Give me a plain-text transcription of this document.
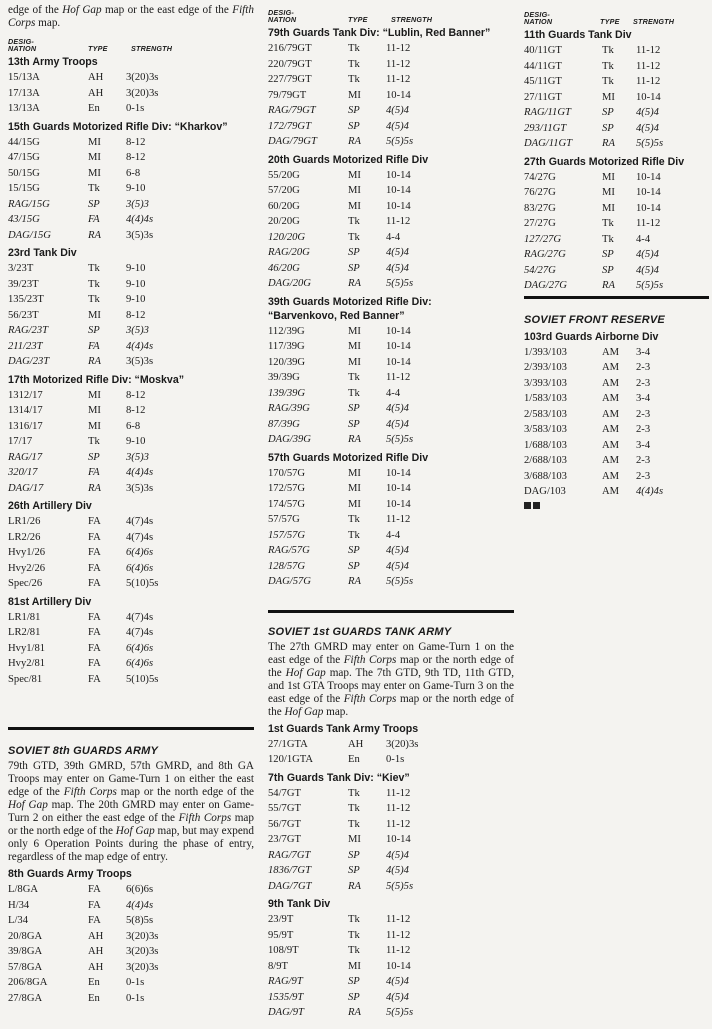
edge of the Hof Gap map or the east edge of the Fifth Corps map.

DESIG-
NATION	TYPE	STRENGTH
13th Army Troops
15/13A	AH	3(20)3s
17/13A	AH	3(20)3s
13/13A	En	0-1s
15th Guards Motorized Rifle Div: “Kharkov”
44/15G	MI	8-12
47/15G	MI	8-12
50/15G	MI	6-8
15/15G	Tk	9-10
RAG/15G	SP	3(5)3
43/15G	FA	4(4)4s
DAG/15G	RA	3(5)3s
23rd Tank Div
3/23T	Tk	9-10
39/23T	Tk	9-10
135/23T	Tk	9-10
56/23T	MI	8-12
RAG/23T	SP	3(5)3
211/23T	FA	4(4)4s
DAG/23T	RA	3(5)3s
17th Motorized Rifle Div: “Moskva”
1312/17	MI	8-12
1314/17	MI	8-12
1316/17	MI	6-8
17/17	Tk	9-10
RAG/17	SP	3(5)3
320/17	FA	4(4)4s
DAG/17	RA	3(5)3s
26th Artillery Div
LR1/26	FA	4(7)4s
LR2/26	FA	4(7)4s
Hvy1/26	FA	6(4)6s
Hvy2/26	FA	6(4)6s
Spec/26	FA	5(10)5s
81st Artillery Div
LR1/81	FA	4(7)4s
LR2/81	FA	4(7)4s
Hvy1/81	FA	6(4)6s
Hvy2/81	FA	6(4)6s
Spec/81	FA	5(10)5s
SOVIET 8th GUARDS ARMY

79th GTD, 39th GMRD, 57th GMRD, and 8th GA Troops may enter on Game-Turn 1 on either the east edge of the Fifth Corps map or the north edge of the Hof Gap map. The 20th GMRD may enter on Game-Turn 2 on either the east edge of the Fifth Corps map or the north edge of the Hof Gap map, but may expend only 6 Operation Points during the phase of entry, regardless of the map edge of entry.

8th Guards Army Troops
L/8GA	FA	6(6)6s
H/34	FA	4(4)4s
L/34	FA	5(8)5s
20/8GA	AH	3(20)3s
39/8GA	AH	3(20)3s
57/8GA	AH	3(20)3s
206/8GA	En	0-1s
27/8GA	En	0-1s
DESIG-
NATION	TYPE	STRENGTH
79th Guards Tank Div: “Lublin, Red Banner”
216/79GT	Tk	11-12
220/79GT	Tk	11-12
227/79GT	Tk	11-12
79/79GT	MI	10-14
RAG/79GT	SP	4(5)4
172/79GT	SP	4(5)4
DAG/79GT	RA	5(5)5s
20th Guards Motorized Rifle Div
55/20G	MI	10-14
57/20G	MI	10-14
60/20G	MI	10-14
20/20G	Tk	11-12
120/20G	Tk	4-4
RAG/20G	SP	4(5)4
46/20G	SP	4(5)4
DAG/20G	RA	5(5)5s
39th Guards Motorized Rifle Div:
“Barvenkovo, Red Banner”
112/39G	MI	10-14
117/39G	MI	10-14
120/39G	MI	10-14
39/39G	Tk	11-12
139/39G	Tk	4-4
RAG/39G	SP	4(5)4
87/39G	SP	4(5)4
DAG/39G	RA	5(5)5s
57th Guards Motorized Rifle Div
170/57G	MI	10-14
172/57G	MI	10-14
174/57G	MI	10-14
57/57G	Tk	11-12
157/57G	Tk	4-4
RAG/57G	SP	4(5)4
128/57G	SP	4(5)4
DAG/57G	RA	5(5)5s
SOVIET 1st GUARDS TANK ARMY

The 27th GMRD may enter on Game-Turn 1 on the east edge of the Fifth Corps map or the north edge of the Hof Gap map. The 7th GTD, 9th TD, 11th GTD, and 1st GTA Troops may enter on Game-Turn 3 on the east edge of the Fifth Corps map or the north edge of the Hof Gap map.

1st Guards Tank Army Troops
27/1GTA	AH	3(20)3s
120/1GTA	En	0-1s
7th Guards Tank Div: “Kiev”
54/7GT	Tk	11-12
55/7GT	Tk	11-12
56/7GT	Tk	11-12
23/7GT	MI	10-14
RAG/7GT	SP	4(5)4
1836/7GT	SP	4(5)4
DAG/7GT	RA	5(5)5s
9th Tank Div
23/9T	Tk	11-12
95/9T	Tk	11-12
108/9T	Tk	11-12
8/9T	MI	10-14
RAG/9T	SP	4(5)4
1535/9T	SP	4(5)4
DAG/9T	RA	5(5)5s
DESIG-
NATION	TYPE	STRENGTH
11th Guards Tank Div
40/11GT	Tk	11-12
44/11GT	Tk	11-12
45/11GT	Tk	11-12
27/11GT	MI	10-14
RAG/11GT	SP	4(5)4
293/11GT	SP	4(5)4
DAG/11GT	RA	5(5)5s
27th Guards Motorized Rifle Div
74/27G	MI	10-14
76/27G	MI	10-14
83/27G	MI	10-14
27/27G	Tk	11-12
127/27G	Tk	4-4
RAG/27G	SP	4(5)4
54/27G	SP	4(5)4
DAG/27G	RA	5(5)5s
SOVIET FRONT RESERVE
103rd Guards Airborne Div
1/393/103	AM	3-4
2/393/103	AM	2-3
3/393/103	AM	2-3
1/583/103	AM	3-4
2/583/103	AM	2-3
3/583/103	AM	2-3
1/688/103	AM	3-4
2/688/103	AM	2-3
3/688/103	AM	2-3
DAG/103	AM	4(4)4s
